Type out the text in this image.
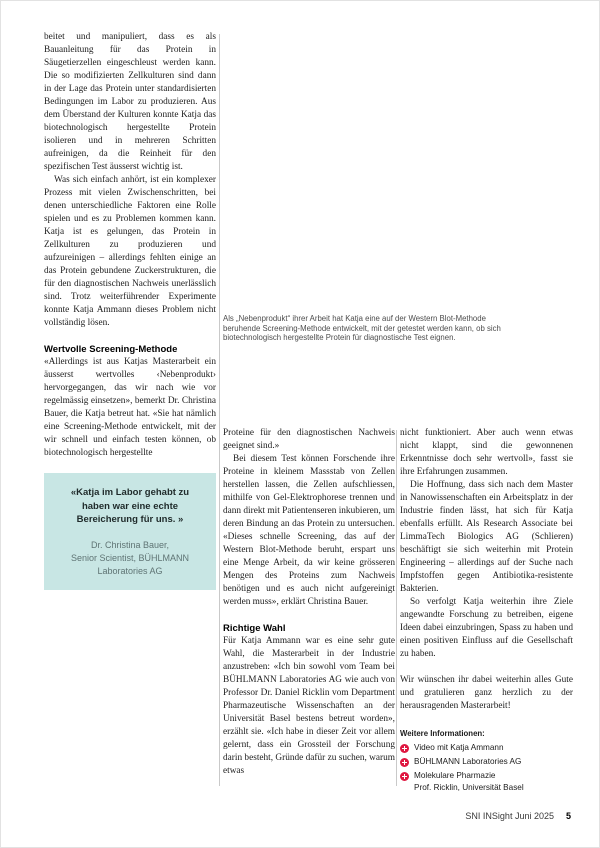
beitet und manipuliert, dass es als Bauanleitung für das Protein in Säugetierzellen eingeschleust werden kann. Die so modifizierten Zellkulturen sind dann in der Lage das Protein unter standardisierten Bedingungen im Labor zu produzieren. Aus dem Überstand der Kulturen konnte Katja das biotechnologisch hergestellte Protein isolieren und in mehreren Schritten aufreinigen, da die Reinheit für den spezifischen Test äusserst wichtig ist.

Was sich einfach anhört, ist ein komplexer Prozess mit vielen Zwischenschritten, bei denen unterschiedliche Faktoren eine Rolle spielen und es zu Problemen kommen kann. Katja ist es gelungen, das Protein in Zellkulturen zu produzieren und aufzureinigen – allerdings fehlten einige an das Protein gebundene Zuckerstrukturen, die für den diagnostischen Nachweis unerlässlich sind. Trotz weiterführender Experimente konnte Katja Ammann dieses Problem nicht vollständig lösen.

Wertvolle Screening-Methode

«Allerdings ist aus Katjas Masterarbeit ein äusserst wertvolles ‹Nebenprodukt› hervorgegangen, das wir nach wie vor regelmässig einsetzen», bemerkt Dr. Christina Bauer, die Katja betreut hat. «Sie hat nämlich eine Screening-Methode entwickelt, mit der wir schnell und einfach testen können, ob biotechnologisch hergestellte

«Katja im Labor gehabt zu
haben war eine echte
Bereicherung für uns. »
Dr. Christina Bauer,
Senior Scientist, BÜHLMANN
Laboratories AG
Als „Nebenprodukt“ ihrer Arbeit hat Katja eine auf der Western Blot-Methode
beruhende Screening-Methode entwickelt, mit der getestet werden kann, ob sich
biotechnologisch hergestellte Protein für diagnostische Test eignen.

Proteine für den diagnostischen Nachweis geeignet sind.»

Bei diesem Test können Forschende ihre Proteine in kleinem Massstab von Zellen herstellen lassen, die Zellen aufschliessen, mithilfe von Gel-Elektrophorese trennen und dann direkt mit Patientenseren inkubieren, um deren Bindung an das Protein zu untersuchen. «Dieses schnelle Screening, das auf der Western Blot-Methode beruht, erspart uns eine Menge Arbeit, da wir keine grösseren Mengen des Proteins zum Nachweis benötigen und es auch nicht aufgereinigt werden muss», erklärt Christina Bauer.

Richtige Wahl

Für Katja Ammann war es eine sehr gute Wahl, die Masterarbeit in der Industrie anzustreben: «Ich bin sowohl vom Team bei BÜHLMANN Laboratories AG wie auch von Professor Dr. Daniel Ricklin vom Department Pharmazeutische Wissenschaften an der Universität Basel bestens betreut worden», erzählt sie. «Ich habe in dieser Zeit vor allem gelernt, dass ein Grossteil der Forschung darin besteht, Gründe dafür zu suchen, warum etwas

nicht funktioniert. Aber auch wenn etwas nicht klappt, sind die gewonnenen Erkenntnisse doch sehr wertvoll», fasst sie ihre Erfahrungen zusammen.

Die Hoffnung, dass sich nach dem Master in Nanowissenschaften ein Arbeitsplatz in der Industrie finden lässt, hat sich für Katja ebenfalls erfüllt. Als Research Associate bei LimmaTech Biologics AG (Schlieren) beschäftigt sie sich weiterhin mit Protein Engineering – allerdings auf der Suche nach Impfstoffen gegen Antibiotika-resistente Bakterien.

So verfolgt Katja weiterhin ihre Ziele angewandte Forschung zu betreiben, eigene Ideen dabei einzubringen, Spass zu haben und einen positiven Einfluss auf die Gesellschaft zu haben.

Wir wünschen ihr dabei weiterhin alles Gute und gratulieren ganz herzlich zu der herausragenden Masterarbeit!

Weitere Informationen:

Video mit Katja Ammann
BÜHLMANN Laboratories AG
Molekulare Pharmazie
Prof. Ricklin, Universität Basel
SNI INSight Juni 2025 5
